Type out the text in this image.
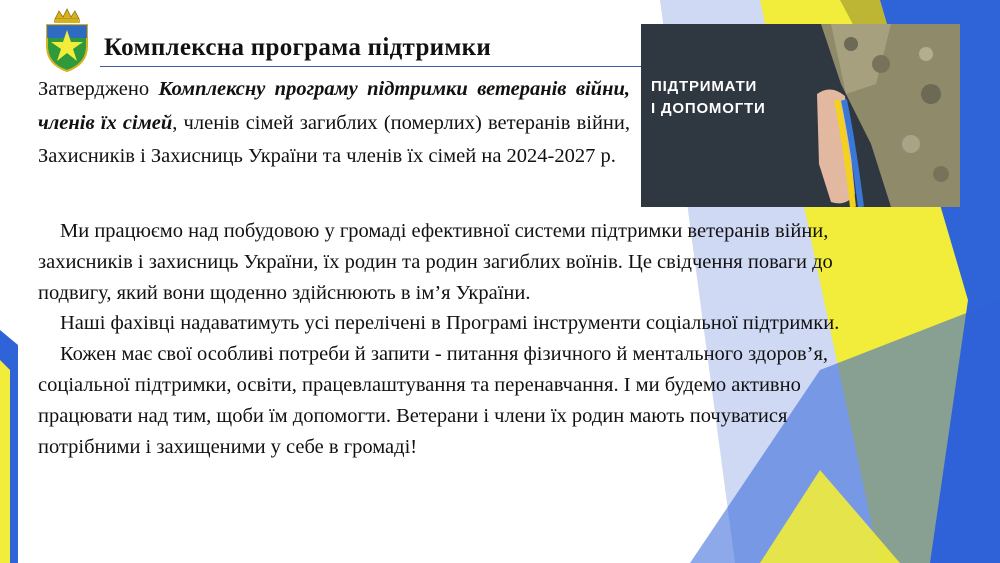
Комплексна програма підтримки
Затверджено Комплексну програму підтримки ветеранів війни, членів їх сімей, членів сімей загиблих (померлих) ветеранів війни, Захисників і Захисниць України та членів їх сімей на 2024-2027 р.
ПІДТРИМАТИ
І ДОПОМОГТИ

Ми працюємо над побудовою у громаді ефективної системи підтримки ветеранів війни, захисників і захисниць України, їх родин та родин загиблих воїнів. Це свідчення поваги до подвигу, який вони щоденно здійснюють в ім’я України.

Наші фахівці надаватимуть усі перелічені в Програмі інструменти соціальної підтримки.

Кожен має свої особливі потреби й запити - питання фізичного й ментального здоров’я, соціальної підтримки, освіти, працевлаштування та перенавчання. І ми будемо активно працювати над тим, щоби їм допомогти. Ветерани і члени їх родин мають почуватися потрібними і захищеними у себе в громаді!
